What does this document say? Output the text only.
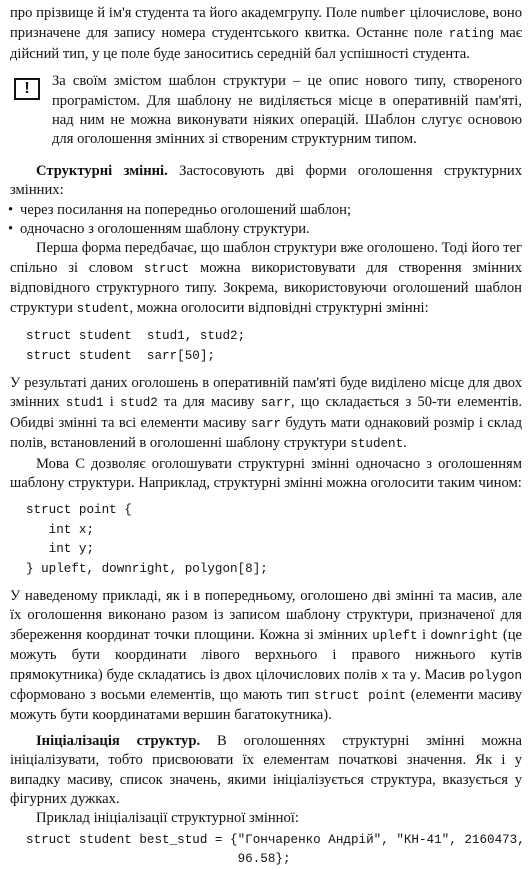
про прізвище й ім'я студента та його академгрупу. Поле number цілочислове, воно призначене для запису номера студентського квитка. Останнє поле rating має дійсний тип, у це поле буде заноситись середній бал успішності студента.

!	За своїм змістом шаблон структури – це опис нового типу, створеного програмістом. Для шаблону не виділяється місце в оперативній пам'яті, над ним не можна виконувати ніяких операцій. Шаблон слугує основою для оголошення змінних зі створеним структурним типом.

Структурні змінні. Застосовують дві форми оголошення структурних змінних:

• через посилання на попередньо оголошений шаблон;
• одночасно з оголошенням шаблону структури.

Перша форма передбачає, що шаблон структури вже оголошено. Тоді його тег спільно зі словом struct можна використовувати для створення змінних відповідного структурного типу. Зокрема, використовуючи оголошений шаблон структури student, можна оголосити відповідні структурні змінні:

struct student  stud1, stud2;
struct student  sarr[50];

У результаті даних оголошень в оперативній пам'яті буде виділено місце для двох змінних stud1 і stud2 та для масиву sarr, що складається з 50-ти елементів. Обидві змінні та всі елементи масиву sarr будуть мати однаковий розмір і склад полів, встановлений в оголошенні шаблону структури student.

Мова С дозволяє оголошувати структурні змінні одночасно з оголошенням шаблону структури. Наприклад, структурні змінні можна оголосити таким чином:

struct point {
int x;
int y;
} upleft, downright, polygon[8];

У наведеному прикладі, як і в попередньому, оголошено дві змінні та масив, але їх оголошення виконано разом із записом шаблону структури, призначеної для збереження координат точки площини. Кожна зі змінних upleft і downright (це можуть бути координати лівого верхнього і правого нижнього кутів прямокутника) буде складатись із двох цілочислових полів x та y. Масив polygon сформовано з восьми елементів, що мають тип struct point (елементи масиву можуть бути координатами вершин багатокутника).

Ініціалізація структур. В оголошеннях структурні змінні можна ініціалізувати, тобто присвоювати їх елементам початкові значення. Як і у випадку масиву, список значень, якими ініціалізується структура, вказується у фігурних дужках.

Приклад ініціалізації структурної змінної:

struct student best_stud = {"Гончаренко Андрій", "КН-41", 2160473,
96.58};
